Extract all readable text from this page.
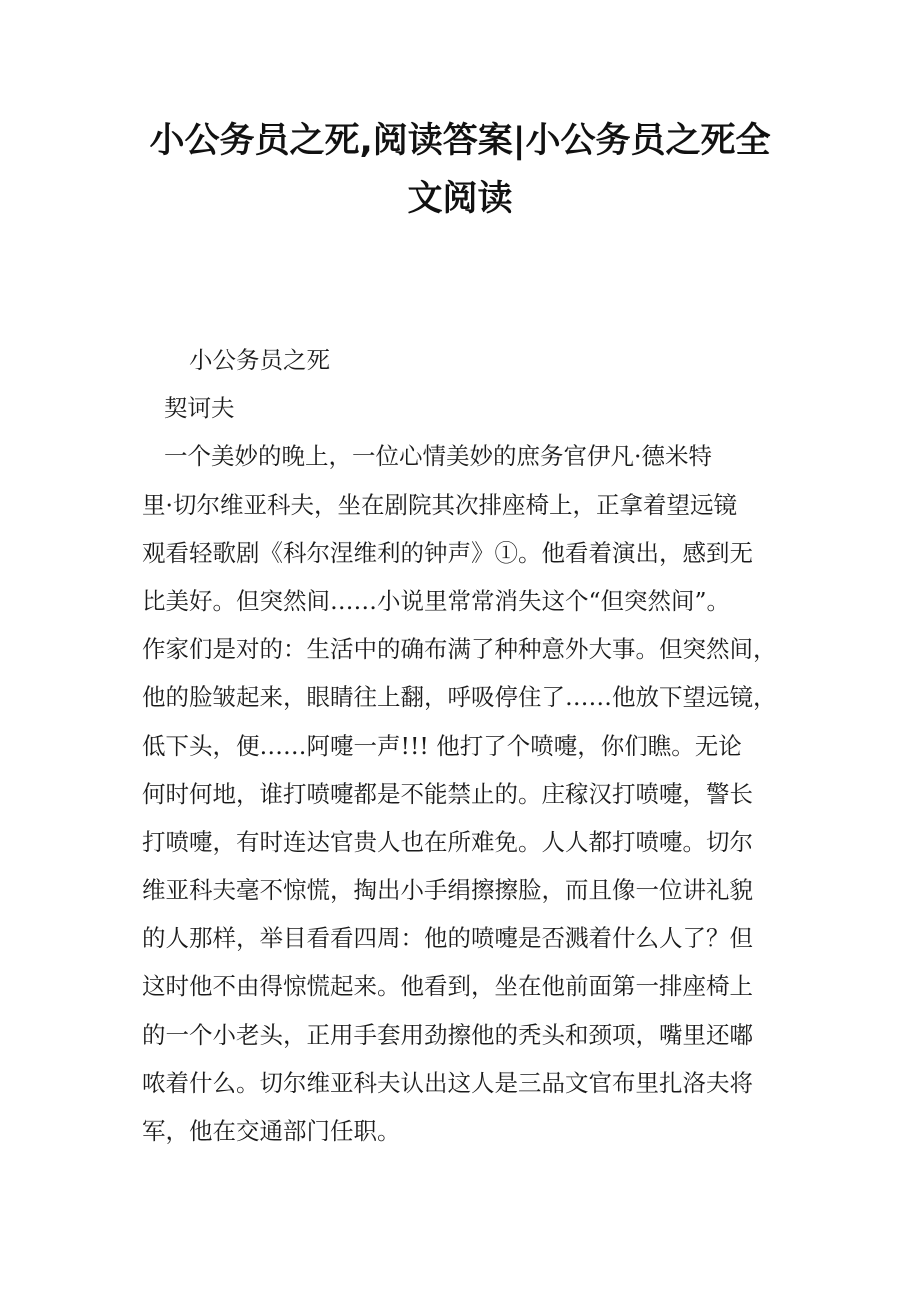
小公务员之死,阅读答案|小公务员之死全
文阅读
小公务员之死
契诃夫
一个美妙的晚上，一位心情美妙的庶务官伊凡·德米特
里·切尔维亚科夫，坐在剧院其次排座椅上，正拿着望远镜
观看轻歌剧《科尔涅维利的钟声》①。他看着演出，感到无
比美好。但突然间……小说里常常消失这个“但突然间”。
作家们是对的：生活中的确布满了种种意外大事。但突然间，
他的脸皱起来，眼睛往上翻，呼吸停住了……他放下望远镜，
低下头，便……阿嚏一声!!! 他打了个喷嚏，你们瞧。无论
何时何地，谁打喷嚏都是不能禁止的。庄稼汉打喷嚏，警长
打喷嚏，有时连达官贵人也在所难免。人人都打喷嚏。切尔
维亚科夫毫不惊慌，掏出小手绢擦擦脸，而且像一位讲礼貌
的人那样，举目看看四周：他的喷嚏是否溅着什么人了？但
这时他不由得惊慌起来。他看到，坐在他前面第一排座椅上
的一个小老头，正用手套用劲擦他的秃头和颈项，嘴里还嘟
哝着什么。切尔维亚科夫认出这人是三品文官布里扎洛夫将
军，他在交通部门任职。
